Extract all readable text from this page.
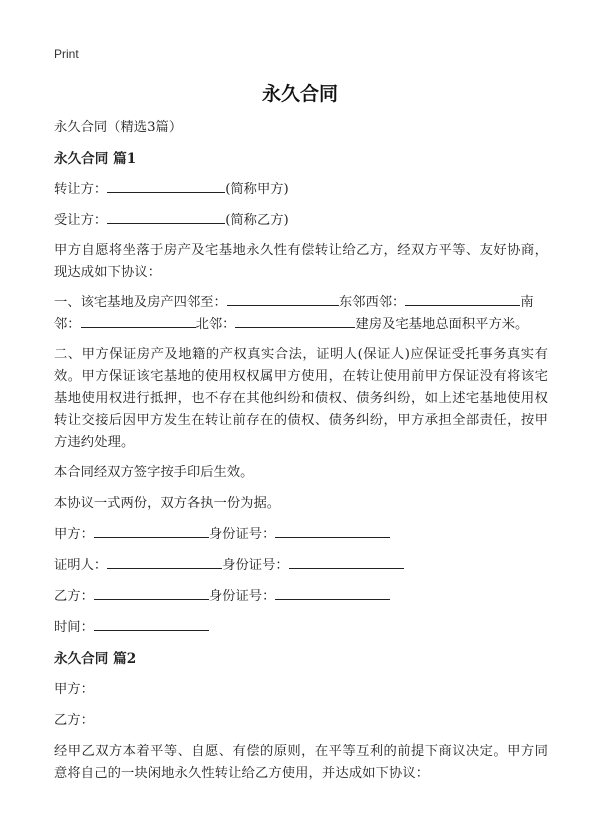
Print
永久合同

永久合同（精选3篇）

永久合同 篇1

转让方：	(简称甲方)

受让方：	(简称乙方)

甲方自愿将坐落于房产及宅基地永久性有偿转让给乙方，经双方平等、友好协商，现达成如下协议：

一、该宅基地及房产四邻至：	东邻西邻：	南

邻：	北邻：	建房及宅基地总面积平方米。

二、甲方保证房产及地籍的产权真实合法，证明人(保证人)应保证受托事务真实有效。甲方保证该宅基地的使用权权属甲方使用，在转让使用前甲方保证没有将该宅基地使用权进行抵押，也不存在其他纠纷和债权、债务纠纷，如上述宅基地使用权转让交接后因甲方发生在转让前存在的债权、债务纠纷，甲方承担全部责任，按甲方违约处理。

本合同经双方签字按手印后生效。

本协议一式两份，双方各执一份为据。

甲方：	身份证号：

证明人：	身份证号：

乙方：	身份证号：

时间：

永久合同 篇2

甲方：

乙方：

经甲乙双方本着平等、自愿、有偿的原则，在平等互利的前提下商议决定。甲方同意将自己的一块闲地永久性转让给乙方使用，并达成如下协议：
